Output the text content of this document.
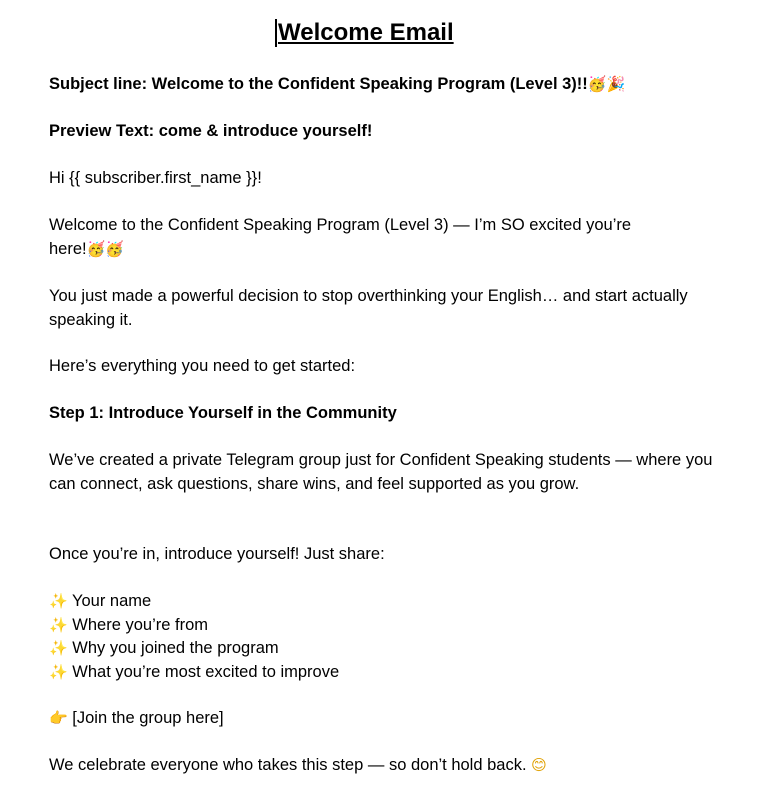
Welcome Email

Subject line: Welcome to the Confident Speaking Program (Level 3)!!🥳🎉

Preview Text: come & introduce yourself!

Hi {{ subscriber.first_name }}!

Welcome to the Confident Speaking Program (Level 3) — I’m SO excited you’re
here!🥳🥳

You just made a powerful decision to stop overthinking your English… and start actually speaking it.

Here’s everything you need to get started:

Step 1: Introduce Yourself in the Community

We’ve created a private Telegram group just for Confident Speaking students — where you can connect, ask questions, share wins, and feel supported as you grow.

Once you’re in, introduce yourself! Just share:

✨ Your name
✨ Where you’re from
✨ Why you joined the program
✨ What you’re most excited to improve

👉 [Join the group here]

We celebrate everyone who takes this step — so don’t hold back. 😊
